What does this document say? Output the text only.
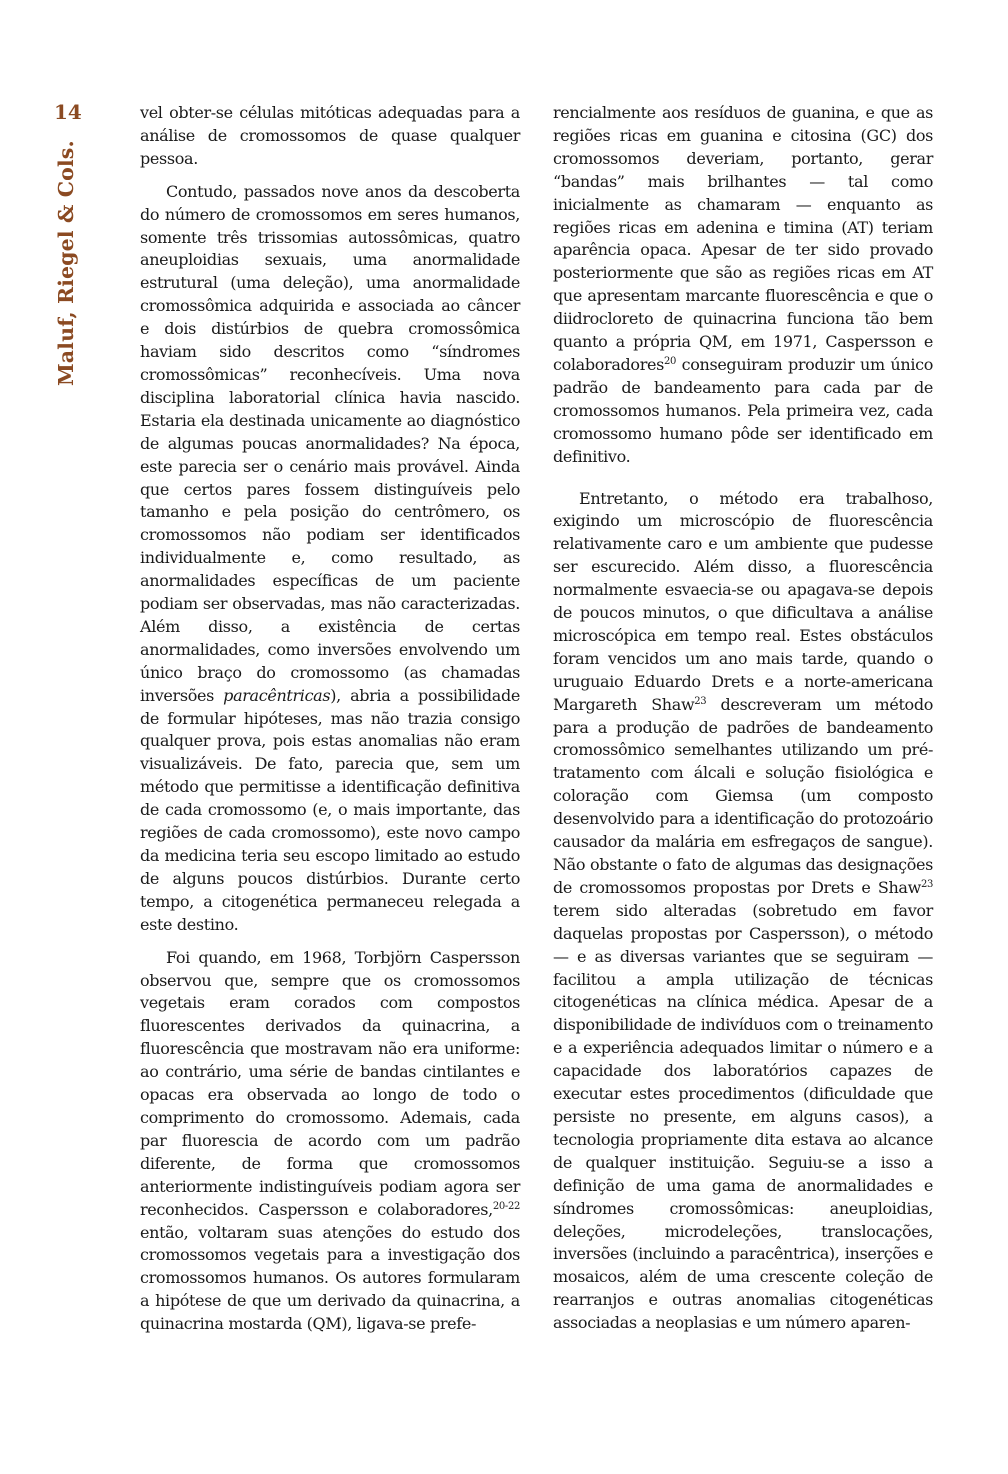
14
Maluf, Riegel & Cols.

vel obter-se células mitóticas adequadas para a análise de cromossomos de quase qualquer pessoa.

Contudo, passados nove anos da descoberta do número de cromossomos em seres humanos, somente três trissomias autossômicas, quatro aneuploidias sexuais, uma anormalidade estrutural (uma deleção), uma anormalidade cromossômica adquirida e associada ao câncer e dois distúrbios de quebra cromossômica haviam sido descritos como “síndromes cromossômicas” reconhecíveis. Uma nova disciplina laboratorial clínica havia nascido. Estaria ela destinada unicamente ao diagnóstico de algumas poucas anormalidades? Na época, este parecia ser o cenário mais provável. Ainda que certos pares fossem distinguíveis pelo tamanho e pela posição do centrômero, os cromossomos não podiam ser identificados individualmente e, como resultado, as anormalidades específicas de um paciente podiam ser observadas, mas não caracterizadas. Além disso, a existência de certas anormalidades, como inversões envolvendo um único braço do cromossomo (as chamadas inversões paracêntricas), abria a possibilidade de formular hipóteses, mas não trazia consigo qualquer prova, pois estas anomalias não eram visualizáveis. De fato, parecia que, sem um método que permitisse a identificação definitiva de cada cromossomo (e, o mais importante, das regiões de cada cromossomo), este novo campo da medicina teria seu escopo limitado ao estudo de alguns poucos distúrbios. Durante certo tempo, a citogenética permaneceu relegada a este destino.

Foi quando, em 1968, Torbjörn Caspersson observou que, sempre que os cromossomos vegetais eram corados com compostos fluorescentes derivados da quinacrina, a fluorescência que mostravam não era uniforme: ao contrário, uma série de bandas cintilantes e opacas era observada ao longo de todo o comprimento do cromossomo. Ademais, cada par fluorescia de acordo com um padrão diferente, de forma que cromossomos anteriormente indistinguíveis podiam agora ser reconhecidos. Caspersson e colaboradores,$^{20-22}$ então, voltaram suas atenções do estudo dos cromossomos vegetais para a investigação dos cromossomos humanos. Os autores formularam a hipótese de que um derivado da quinacrina, a quinacrina mostarda (QM), ligava-se prefe-

rencialmente aos resíduos de guanina, e que as regiões ricas em guanina e citosina (GC) dos cromossomos deveriam, portanto, gerar “bandas” mais brilhantes — tal como inicialmente as chamaram — enquanto as regiões ricas em adenina e timina (AT) teriam aparência opaca. Apesar de ter sido provado posteriormente que são as regiões ricas em AT que apresentam marcante fluorescência e que o diidrocloreto de quinacrina funciona tão bem quanto a própria QM, em 1971, Caspersson e colaboradores$^{20}$ conseguiram produzir um único padrão de bandeamento para cada par de cromossomos humanos. Pela primeira vez, cada cromossomo humano pôde ser identificado em definitivo.

Entretanto, o método era trabalhoso, exigindo um microscópio de fluorescência relativamente caro e um ambiente que pudesse ser escurecido. Além disso, a fluorescência normalmente esvaecia-se ou apagava-se depois de poucos minutos, o que dificultava a análise microscópica em tempo real. Estes obstáculos foram vencidos um ano mais tarde, quando o uruguaio Eduardo Drets e a norte-americana Margareth Shaw$^{23}$ descreveram um método para a produção de padrões de bandeamento cromossômico semelhantes utilizando um pré-tratamento com álcali e solução fisiológica e coloração com Giemsa (um composto desenvolvido para a identificação do protozoário causador da malária em esfregaços de sangue). Não obstante o fato de algumas das designações de cromossomos propostas por Drets e Shaw$^{23}$ terem sido alteradas (sobretudo em favor daquelas propostas por Caspersson), o método — e as diversas variantes que se seguiram — facilitou a ampla utilização de técnicas citogenéticas na clínica médica. Apesar de a disponibilidade de indivíduos com o treinamento e a experiência adequados limitar o número e a capacidade dos laboratórios capazes de executar estes procedimentos (dificuldade que persiste no presente, em alguns casos), a tecnologia propriamente dita estava ao alcance de qualquer instituição. Seguiu-se a isso a definição de uma gama de anormalidades e síndromes cromossômicas: aneuploidias, deleções, microdeleções, translocações, inversões (incluindo a paracêntrica), inserções e mosaicos, além de uma crescente coleção de rearranjos e outras anomalias citogenéticas associadas a neoplasias e um número aparen-
